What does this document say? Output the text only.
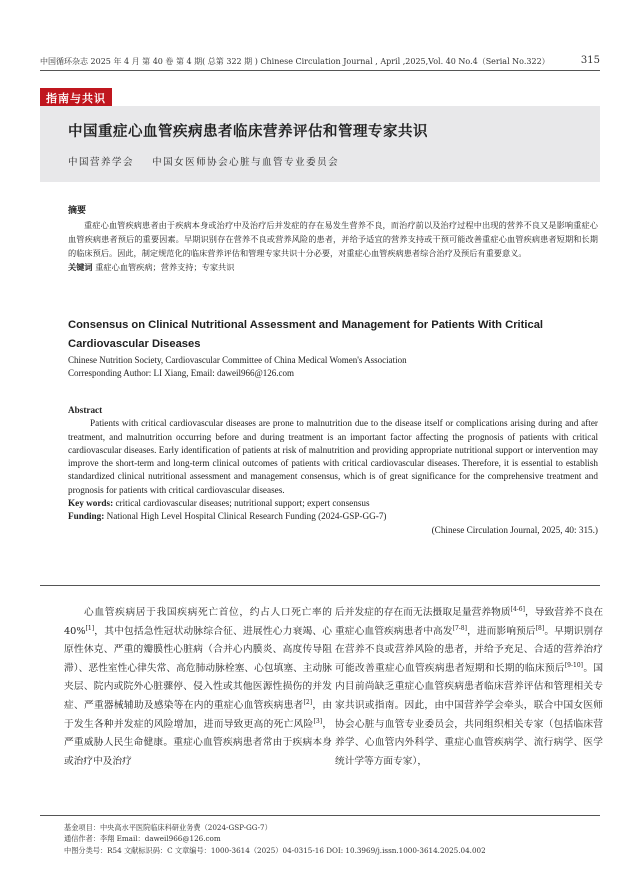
中国循环杂志 2025 年 4 月 第 40 卷 第 4 期( 总第 322 期 ) Chinese Circulation Journal , April ,2025,Vol. 40 No.4（Serial No.322）	315
指南与共识
中国重症心血管疾病患者临床营养评估和管理专家共识
中国营养学会    中国女医师协会心脏与血管专业委员会
摘要
重症心血管疾病患者由于疾病本身或治疗中及治疗后并发症的存在易发生营养不良，而治疗前以及治疗过程中出现的营养不良又是影响重症心血管疾病患者预后的重要因素。早期识别存在营养不良或营养风险的患者，并给予适宜的营养支持或干预可能改善重症心血管疾病患者短期和长期的临床预后。因此，制定规范化的临床营养评估和管理专家共识十分必要，对重症心血管疾病患者综合治疗及预后有重要意义。
关键词 重症心血管疾病；营养支持；专家共识
Consensus on Clinical Nutritional Assessment and Management for Patients With Critical Cardiovascular Diseases
Chinese Nutrition Society, Cardiovascular Committee of China Medical Women's Association
Corresponding Author: LI Xiang, Email: daweil966@126.com
Abstract
Patients with critical cardiovascular diseases are prone to malnutrition due to the disease itself or complications arising during and after treatment, and malnutrition occurring before and during treatment is an important factor affecting the prognosis of patients with critical cardiovascular diseases. Early identification of patients at risk of malnutrition and providing appropriate nutritional support or intervention may improve the short-term and long-term clinical outcomes of patients with critical cardiovascular diseases. Therefore, it is essential to establish standardized clinical nutritional assessment and management consensus, which is of great significance for the comprehensive treatment and prognosis for patients with critical cardiovascular diseases.
Key words: critical cardiovascular diseases; nutritional support; expert consensus
Funding: National High Level Hospital Clinical Research Funding (2024-GSP-GG-7)
(Chinese Circulation Journal, 2025, 40: 315.)
心血管疾病居于我国疾病死亡首位，约占人口死亡率的 40%[1]，其中包括急性冠状动脉综合征、进展性心力衰竭、心原性休克、严重的瓣膜性心脏病（合并心内膜炎、高度传导阻滞）、恶性室性心律失常、高危肺动脉栓塞、心包填塞、主动脉夹层、院内或院外心脏骤停、侵入性或其他医源性损伤的并发症、严重器械辅助及感染等在内的重症心血管疾病患者[2]，由于发生各种并发症的风险增加，进而导致更高的死亡风险[3]，严重威胁人民生命健康。重症心血管疾病患者常由于疾病本身或治疗中及治疗
后并发症的存在而无法摄取足量营养物质[4-6]，导致营养不良在重症心血管疾病患者中高发[7-8]，进而影响预后[8]。早期识别存在营养不良或营养风险的患者，并给予充足、合适的营养治疗可能改善重症心血管疾病患者短期和长期的临床预后[9-10]。国内目前尚缺乏重症心血管疾病患者临床营养评估和管理相关专家共识或指南。因此，由中国营养学会牵头，联合中国女医师协会心脏与血管专业委员会，共同组织相关专家（包括临床营养学、心血管内外科学、重症心血管疾病学、流行病学、医学统计学等方面专家），
基金项目：中央高水平医院临床科研业务费（2024-GSP-GG-7）
通信作者：李翔 Email：daweil966@126.com
中图分类号：R54 文献标识码：C 文章编号：1000-3614（2025）04-0315-16 DOI: 10.3969/j.issn.1000-3614.2025.04.002
